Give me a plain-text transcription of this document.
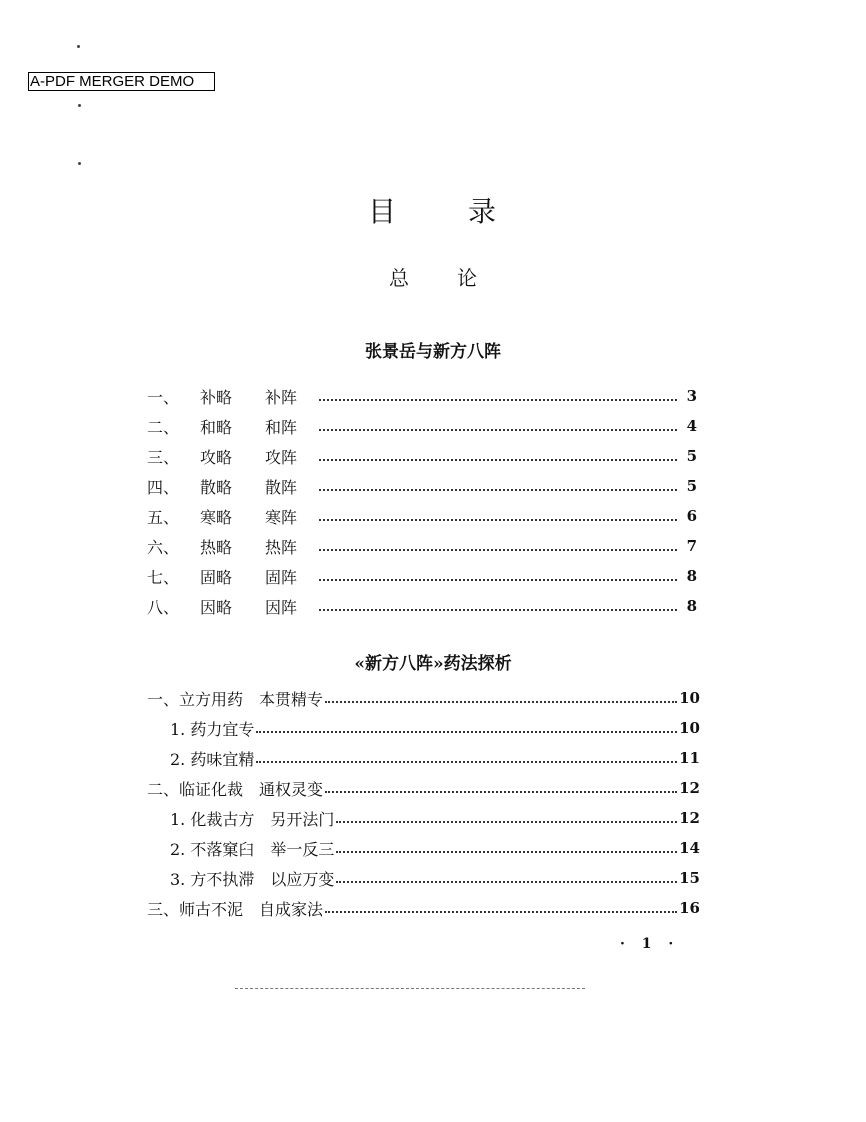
A-PDF MERGER DEMO
目	录
总 论
张景岳与新方八阵
一、	补略	补阵	3
二、	和略	和阵	4
三、	攻略	攻阵	5
四、	散略	散阵	5
五、	寒略	寒阵	6
六、	热略	热阵	7
七、	固略	固阵	8
八、	因略	因阵	8
«新方八阵»药法探析
一、立方用药　本贯精专	10
1. 药力宜专	10
2. 药味宜精	11
二、临证化裁　通权灵变	12
1. 化裁古方　另开法门	12
2. 不落窠臼　举一反三	14
3. 方不执滞　以应万变	15
三、师古不泥　自成家法	16
· 1 ·
